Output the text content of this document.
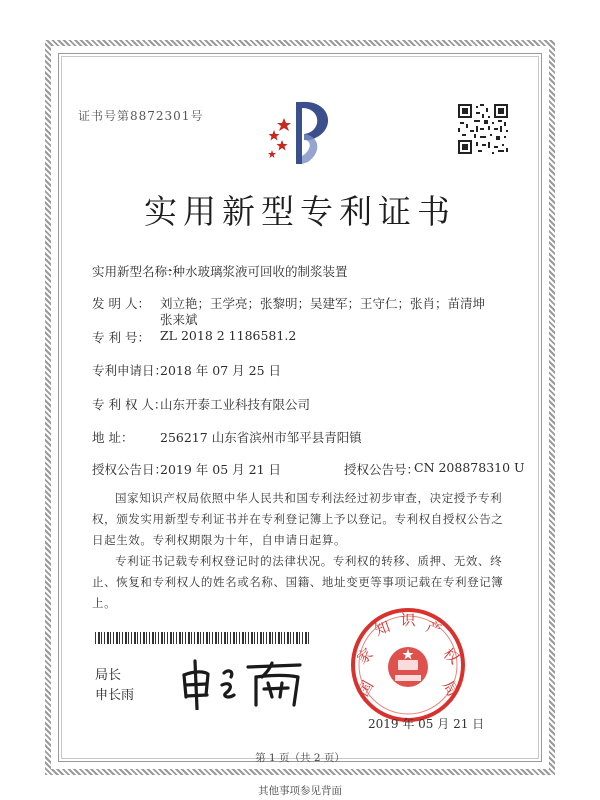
证书号第8872301号
实用新型专利证书
实用新型名称：
一种水玻璃浆液可回收的制浆装置
发 明 人： 刘立艳；王学亮；张黎明；吴建军；王守仁；张肖；苗清坤
张来斌
专 利 号： ZL 2018 2 1186581.2
专利申请日：
2018 年 07 月 25 日
专 利 权 人：
山东开泰工业科技有限公司
地 址： 256217 山东省滨州市邹平县青阳镇
授权公告日：
2019 年 05 月 21 日	授权公告号：
CN 208878310 U
国家知识产权局依照中华人民共和国专利法经过初步审查，决定授予专利权，颁发实用新型专利证书并在专利登记簿上予以登记。专利权自授权公告之日起生效。专利权期限为十年，自申请日起算。
专利证书记载专利权登记时的法律状况。专利权的转移、质押、无效、终止、恢复和专利权人的姓名或名称、国籍、地址变更等事项记载在专利登记簿上。
局长
申长雨	国
家
知 识 产
权
局
国家知识产权局
2019 年 05 月 21 日
第 1 页（共 2 页）
其他事项参见背面
